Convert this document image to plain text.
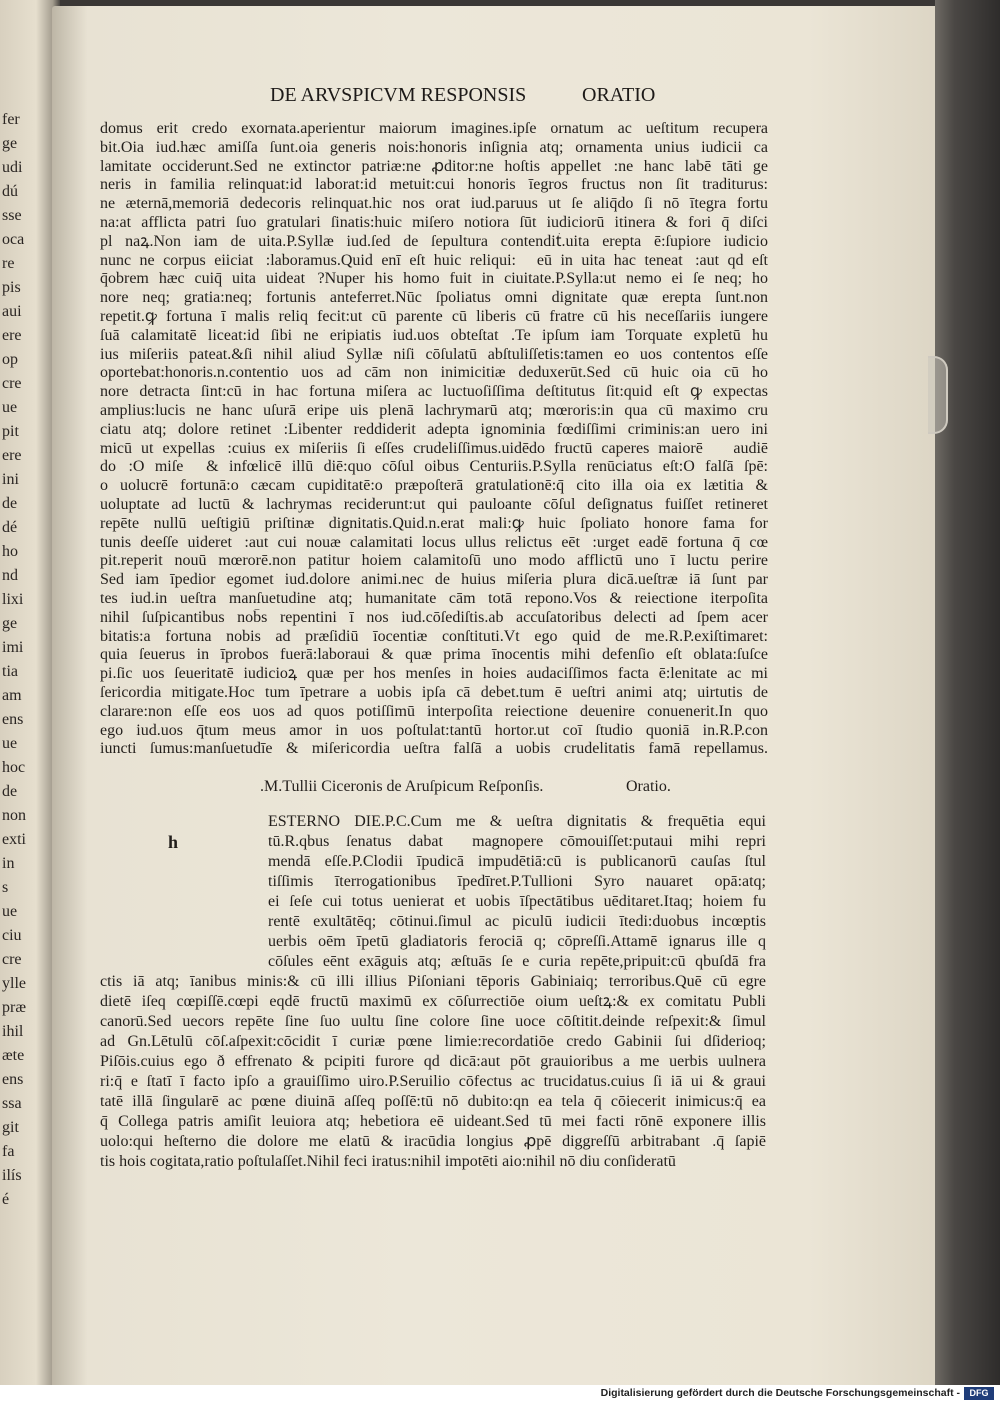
fer
ge
udi
dú
sse
oca
re
pis
aui
ere
op
cre
ue
pit
ere
ini
de
dé
ho
nd
lixi
ge
imi
tia
am
ens
ue
hoc
de
non
exti
in
s
ue
ciu
cre
ylle
præ
ihil
æte
ens
ssa
git
fa
ilís
é
DE ARVSPICVM RESPONSIS	ORATIO
domus erit credo exornata.aperientur maiorum imagines.ipſe ornatum ac ueſtitum recupera
bit.Oia iud.hæc amiſſa ſunt.oia generis nois:honoris inſignia atq; ornamenta unius iudicii ca
lamitate occiderunt.Sed ne extinctor patriæ:ne ꝓditor:ne hoſtis appelletᷣ:ne hanc labē tāti ge
neris in familia relinquat:id laborat:id metuit:cui honoris īegros fructus non ſit traditurus:
ne æternā,memoriā dedecoris relinquat.hic nos orat iud.paruus ut ſe aliq̄do ſi nō ītegra fortu
na:at afflicta patri ſuo gratulari ſinatis:huic miſero notiora ſūt iudiciorū itinera & fori q̄ diſci
pl naꝝ.Non iam de uita.P.Syllæ iud.ſed de ſepultura contenditᷣ.uita erepta ē:ſupiore iudicio
nunc ne corpus eiiciatᷣ:laboramus.Quid enī eſt huic reliqui:ꝙ eū in uita hac teneatᷣ:aut qd eſt
q̄obrem hæc cuiq̄ uita uideatᷣ?Nuper his homo fuit in ciuitate.P.Sylla:ut nemo ei ſe neq; ho
nore neq; gratia:neq; fortunis anteferret.Nūc ſpoliatus omni dignitate quæ erepta ſunt.non
repetit.ꝙ fortuna ī malis reliq fecit:ut cū parente cū liberis cū fratre cū his neceſſariis iungere
ſuā calamitatē liceat:id ſibi ne eripiatis iud.uos obteſtatᷣ.Te ipſum iam Torquate expletū hu
ius miſeriis pateat.&ſi nihil aliud Syllæ niſi cōſulatū abſtuliſſetis:tamen eo uos contentos eſſe
oportebat:honoris.n.contentio uos ad cām non inimicitiæ deduxerūt.Sed cū huic oia cū ho
nore detracta ſint:cū in hac fortuna miſera ac luctuoſiſſima deſtitutus ſit:quid eſt ꝙ expectas
amplius:lucis ne hanc uſurā eripe uis plenā lachrymarū atq; mœroris:in qua cū maximo cru
ciatu atq; dolore retinetᷣ:Libenter reddiderit adepta ignominia fœdiſſimi criminis:an uero ini
micū ut expellasᷣ:cuius ex miſeriis ſi eſſes crudeliſſimus.uidēdo fructū caperes maiorē ꝙ audiē
doᷣ:O miſeꝝ & infœlicē illū diē:quo cōſul oibus Centuriis.P.Sylla renūciatus eſt:O falſā ſpē:
o uolucrē fortunā:o cæcam cupiditatē:o præpoſterā gratulationē:q̄ cito illa oia ex lætitia &
uoluptate ad luctū & lachrymas reciderunt:ut qui pauloante cōſul deſignatus fuiſſet retineret
repēte nullū ueſtigiū priſtinæ dignitatis.Quid.n.erat mali:ꝙ huic ſpoliato honore fama for
tunis deeſſe uideretᷣ:aut cui nouæ calamitati locus ullus relictus eētᷣ:urget eadē fortuna q̄ cœ
pit.reperit nouū mœrorē.non patitur hoiem calamitoſū uno modo afflictū uno ī luctu perire
Sed iam īpedior egomet iud.dolore animi.nec de huius miſeria plura dicā.ueſtræ iā ſunt par
tes iud.in ueſtra manſuetudine atq; humanitate cām totā repono.Vos & reiectione iterpoſita
nihil ſuſpicantibus nob̄s repentini ī nos iud.cōſediſtis.ab accuſatoribus delecti ad ſpem acer
bitatis:a fortuna nobis ad præſidiū īocentiæ conſtituti.Vt ego quid de me.R.P.exiſtimaret:
quia ſeuerus in īprobos fuerā:laboraui & quæ prima īnocentis mihi defenſio eſt oblata:ſuſce
pi.ſic uos ſeueritatē iudicioꝝ quæ per hos menſes in hoies audaciſſimos facta ē:lenitate ac mi
ſericordia mitigate.Hoc tum īpetrare a uobis ipſa cā debet.tum ē ueſtri animi atq; uirtutis de
clarare:non eſſe eos uos ad quos potiſſimū interpoſita reiectione deuenire conuenerit.In quo
ego iud.uos q̄tum meus amor in uos poſtulat:tantū hortor.ut coī ſtudio quoniā in.R.P.con
iuncti ſumus:manſuetudīe & miſericordia ueſtra falſā a uobis crudelitatis famā repellamus.
.M.Tullii Ciceronis de Aruſpicum Reſponſis.	Oratio.
h
ESTERNO DIE.P.C.Cum me & ueſtra dignitatis & frequētia equi
tū.R.qbus ſenatus dabatᷣ magnopere cōmouiſſet:putaui mihi repri
mendā eſſe.P.Clodii īpudicā impudētiā:cū is publicanorū cauſas ſtul
tiſſimis īterrogationibus īpedīret.P.Tullioni Syro nauaret opā:atq;
ei ſeſe cui totus uenierat et uobis īſpectātibus uēditaret.Itaq; hoiem fu
rentē exultātēq; cōtinui.ſimul ac piculū iudicii ītedi:duobus incœptis
uerbis oēm īpetū gladiatoris ferociā q; cōpreſſi.Attamē ignarus ille q
cōſules eēnt exāguis atq; æſtuās ſe e curia repēte,pripuit:cū qbuſdā fra
ctis iā atq; īanibus minis:& cū illi illius Piſoniani tēporis Gabiniaiq; terroribus.Quē cū egre
dietē iſeq cœpiſſē.cœpi eqdē fructū maximū ex cōſurrectiōe oium ueſtꝝ:& ex comitatu Publi
canorū.Sed uecors repēte ſine ſuo uultu ſine colore ſine uoce cōſtitit.deinde reſpexit:& ſimul
ad Gn.Lētulū cōſ.aſpexit:cōcidit ī curiæ pœne limie:recordatiōe credo Gabinii ſui dſiderioq;
Piſōis.cuius ego ð effrenato & pcipiti furore qd dicā:aut pōt grauioribus a me uerbis uulnera
ri:q̄ e ſtatī ī facto ipſo a grauiſſimo uiro.P.Seruilio cōfectus ac trucidatus.cuius ſi iā ui & graui
tatē illā ſingularē ac pœne diuinā aſſeq poſſē:tū nō dubito:qn ea tela q̄ cōiecerit inimicus:q̄ ea
q̄ Collega patris amiſit leuiora atq; hebetiora eē uideant.Sed tū mei facti rōnē exponere illis
uolo:qui heſterno die dolore me elatū & iracūdia longius ꝓpē diggreſſū arbitrabantᷣ.q̄ ſapiē
tis hois cogitata,ratio poſtulaſſet.Nihil feci iratus:nihil impotēti aio:nihil nō diu conſideratū
Digitalisierung gefördert durch die Deutsche Forschungsgemeinschaft -	DFG
